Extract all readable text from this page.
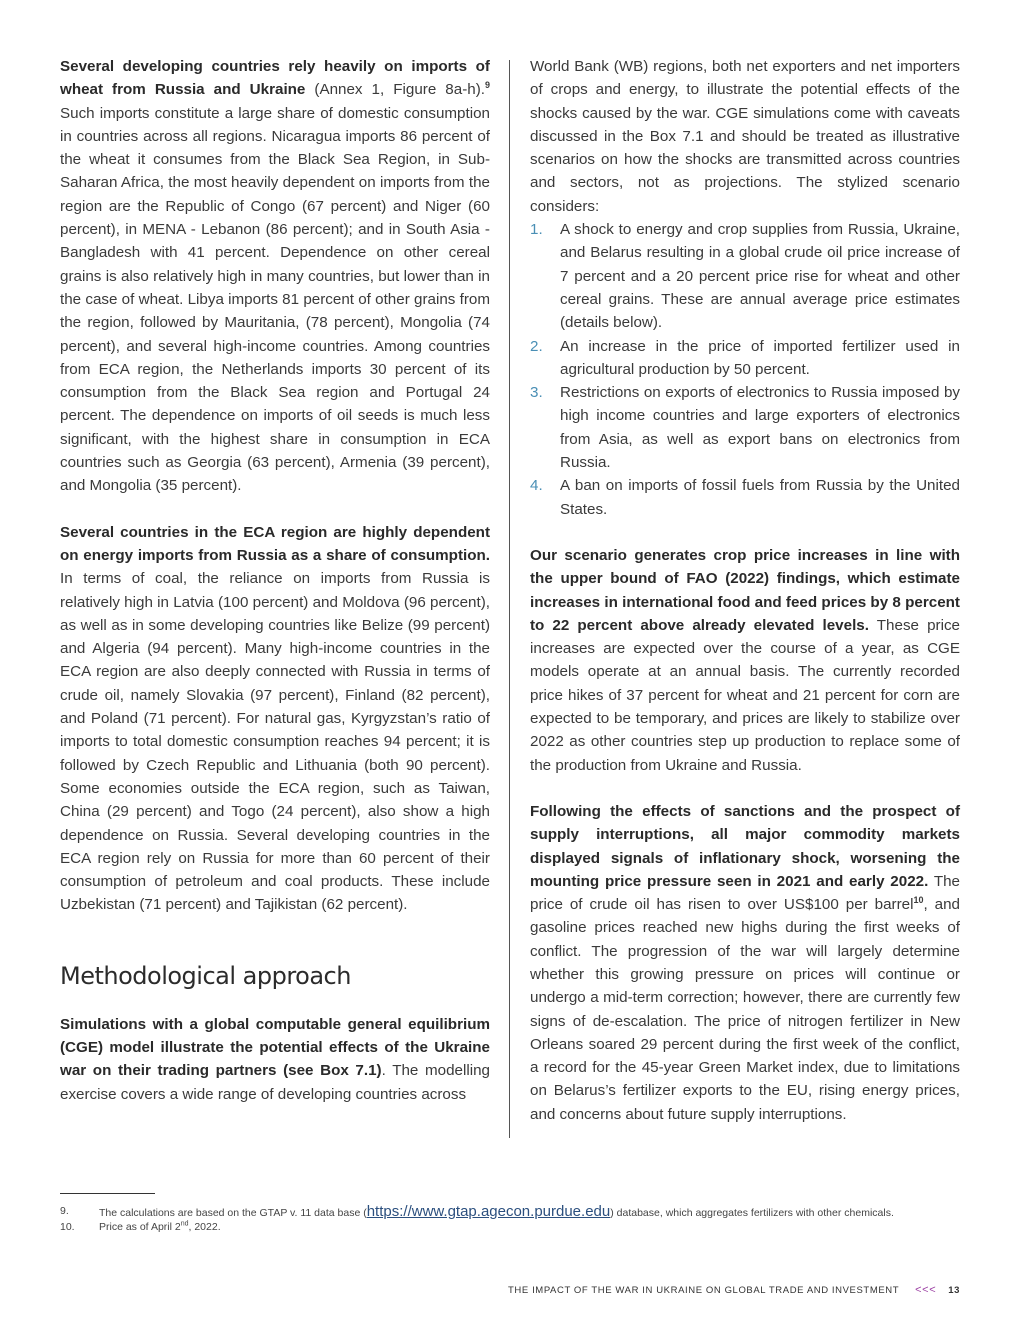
Several developing countries rely heavily on imports of wheat from Russia and Ukraine (Annex 1, Figure 8a-h).$^9$ Such imports constitute a large share of domestic consumption in countries across all regions. Nicaragua imports 86 percent of the wheat it consumes from the Black Sea Region, in Sub-Saharan Africa, the most heavily dependent on imports from the region are the Republic of Congo (67 percent) and Niger (60 percent), in MENA - Lebanon (86 percent); and in South Asia - Bangladesh with 41 percent. Dependence on other cereal grains is also relatively high in many countries, but lower than in the case of wheat. Libya imports 81 percent of other grains from the region, followed by Mauritania, (78 percent), Mongolia (74 percent), and several high-income countries. Among countries from ECA region, the Netherlands imports 30 percent of its consumption from the Black Sea region and Portugal 24 percent. The dependence on imports of oil seeds is much less significant, with the highest share in consumption in ECA countries such as Georgia (63 percent), Armenia (39 percent), and Mongolia (35 percent).

Several countries in the ECA region are highly dependent on energy imports from Russia as a share of consumption. In terms of coal, the reliance on imports from Russia is relatively high in Latvia (100 percent) and Moldova (96 percent), as well as in some developing countries like Belize (99 percent) and Algeria (94 percent). Many high-income countries in the ECA region are also deeply connected with Russia in terms of crude oil, namely Slovakia (97 percent), Finland (82 percent), and Poland (71 percent). For natural gas, Kyrgyzstan’s ratio of imports to total domestic consumption reaches 94 percent; it is followed by Czech Republic and Lithuania (both 90 percent). Some economies outside the ECA region, such as Taiwan, China (29 percent) and Togo (24 percent), also show a high dependence on Russia. Several developing countries in the ECA region rely on Russia for more than 60 percent of their consumption of petroleum and coal products. These include Uzbekistan (71 percent) and Tajikistan (62 percent).

Methodological approach

Simulations with a global computable general equilibrium (CGE) model illustrate the potential effects of the Ukraine war on their trading partners (see Box 7.1). The modelling exercise covers a wide range of developing countries across

World Bank (WB) regions, both net exporters and net importers of crops and energy, to illustrate the potential effects of the shocks caused by the war. CGE simulations come with caveats discussed in the Box 7.1 and should be treated as illustrative scenarios on how the shocks are transmitted across countries and sectors, not as projections. The stylized scenario considers:

1.	A shock to energy and crop supplies from Russia, Ukraine, and Belarus resulting in a global crude oil price increase of 7 percent and a 20 percent price rise for wheat and other cereal grains. These are annual average price estimates (details below).
2.	An increase in the price of imported fertilizer used in agricultural production by 50 percent.
3.	Restrictions on exports of electronics to Russia imposed by high income countries and large exporters of electronics from Asia, as well as export bans on electronics from Russia.
4.	A ban on imports of fossil fuels from Russia by the United States.

Our scenario generates crop price increases in line with the upper bound of FAO (2022) findings, which estimate increases in international food and feed prices by 8 percent to 22 percent above already elevated levels. These price increases are expected over the course of a year, as CGE models operate at an annual basis. The currently recorded price hikes of 37 percent for wheat and 21 percent for corn are expected to be temporary, and prices are likely to stabilize over 2022 as other countries step up production to replace some of the production from Ukraine and Russia.

Following the effects of sanctions and the prospect of supply interruptions, all major commodity markets displayed signals of inflationary shock, worsening the mounting price pressure seen in 2021 and early 2022. The price of crude oil has risen to over US$100 per barrel$^{10}$, and gasoline prices reached new highs during the first weeks of conflict. The progression of the war will largely determine whether this growing pressure on prices will continue or undergo a mid-term correction; however, there are currently few signs of de-escalation. The price of nitrogen fertilizer in New Orleans soared 29 percent during the first week of the conflict, a record for the 45-year Green Market index, due to limitations on Belarus’s fertilizer exports to the EU, rising energy prices, and concerns about future supply interruptions.

9.	The calculations are based on the GTAP v. 11 data base (https://www.gtap.agecon.purdue.edu) database, which aggregates fertilizers with other chemicals.
10.	Price as of April 2nd, 2022.
THE IMPACT OF THE WAR IN UKRAINE ON GLOBAL TRADE AND INVESTMENT <<< 13
